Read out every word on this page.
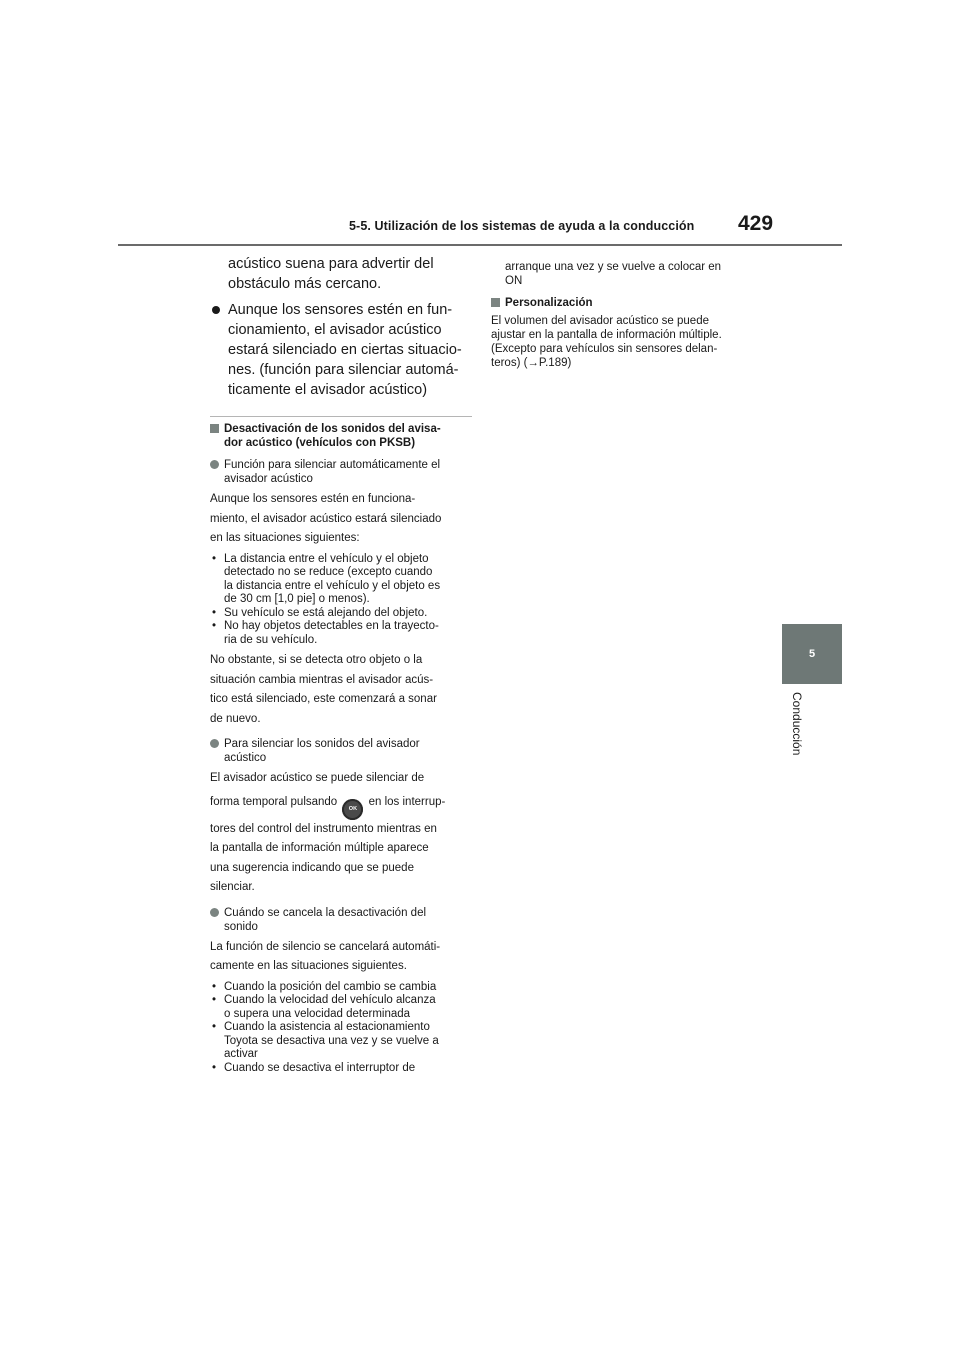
5-5. Utilización de los sistemas de ayuda a la conducción 429
5
Conducción
acústico suena para advertir del
obstáculo más cercano.
Aunque los sensores estén en fun-
cionamiento, el avisador acústico
estará silenciado en ciertas situacio-
nes. (función para silenciar automá-
ticamente el avisador acústico)
Desactivación de los sonidos del avisa-
dor acústico (vehículos con PKSB)
Función para silenciar automáticamente el
avisador acústico
Aunque los sensores estén en funciona-
miento, el avisador acústico estará silenciado
en las situaciones siguientes:
• La distancia entre el vehículo y el objeto
detectado no se reduce (excepto cuando
la distancia entre el vehículo y el objeto es
de 30 cm [1,0 pie] o menos).
• Su vehículo se está alejando del objeto.
• No hay objetos detectables en la trayecto-
ria de su vehículo.
No obstante, si se detecta otro objeto o la
situación cambia mientras el avisador acús-
tico está silenciado, este comenzará a sonar
de nuevo.
Para silenciar los sonidos del avisador
acústico
El avisador acústico se puede silenciar de
forma temporal pulsando OK en los interrup-
tores del control del instrumento mientras en
la pantalla de información múltiple aparece
una sugerencia indicando que se puede
silenciar.
Cuándo se cancela la desactivación del
sonido
La función de silencio se cancelará automáti-
camente en las situaciones siguientes.
• Cuando la posición del cambio se cambia
• Cuando la velocidad del vehículo alcanza
o supera una velocidad determinada
• Cuando la asistencia al estacionamiento
Toyota se desactiva una vez y se vuelve a
activar
• Cuando se desactiva el interruptor de
arranque una vez y se vuelve a colocar en
ON
Personalización
El volumen del avisador acústico se puede
ajustar en la pantalla de información múltiple.
(Excepto para vehículos sin sensores delan-
teros) (→P.189)
